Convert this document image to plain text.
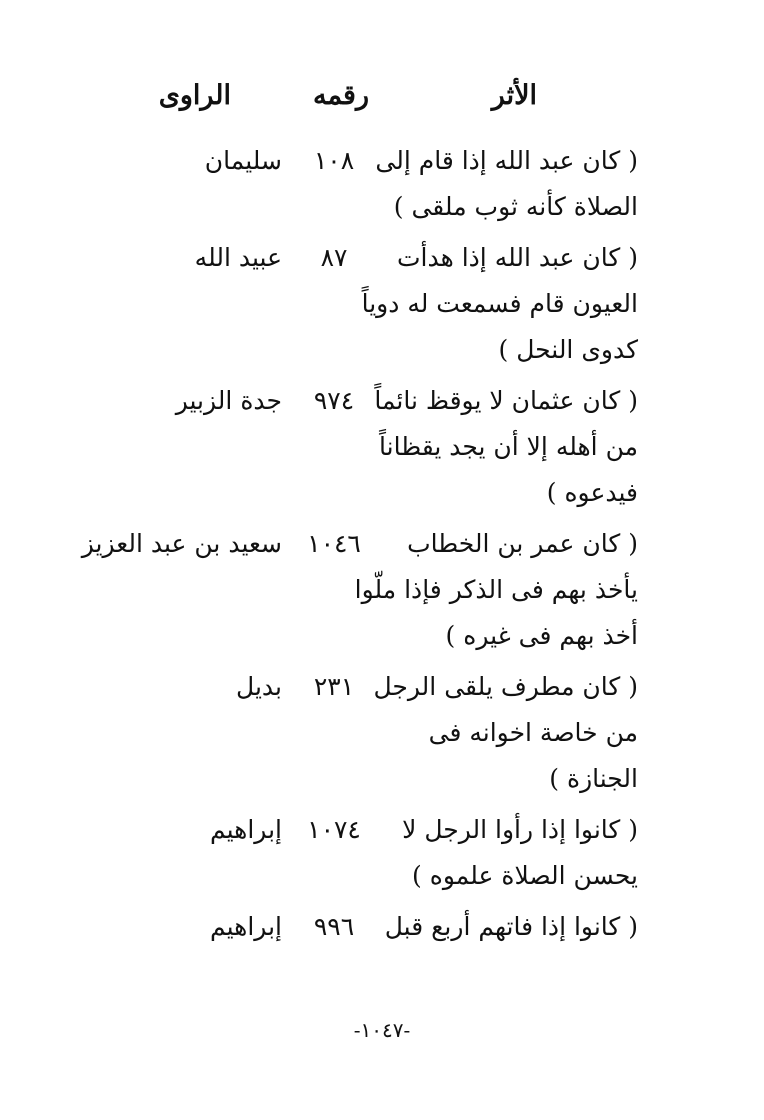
الأثر
رقمه
الراوى
( كان عبد الله إذا قام إلى
الصلاة كأنه ثوب ملقى )
١٠٨
سليمان
( كان عبد الله إذا هدأت
العيون قام فسمعت له دوياً
كدوى النحل )
٨٧
عبيد الله
( كان عثمان لا يوقظ نائماً
من أهله إلا أن يجد يقظاناً
فيدعوه )
٩٧٤
جدة الزبير
( كان عمر بن الخطاب
يأخذ بهم فى الذكر فإذا ملّوا
أخذ بهم فى غيره )
١٠٤٦
سعيد بن عبد العزيز
( كان مطرف يلقى الرجل
من خاصة اخوانه فى
الجنازة )
٢٣١
بديل
( كانوا إذا رأوا الرجل لا
يحسن الصلاة علموه )
١٠٧٤
إبراهيم
( كانوا إذا فاتهم أربع قبل
٩٩٦
إبراهيم
-١٠٤٧-
